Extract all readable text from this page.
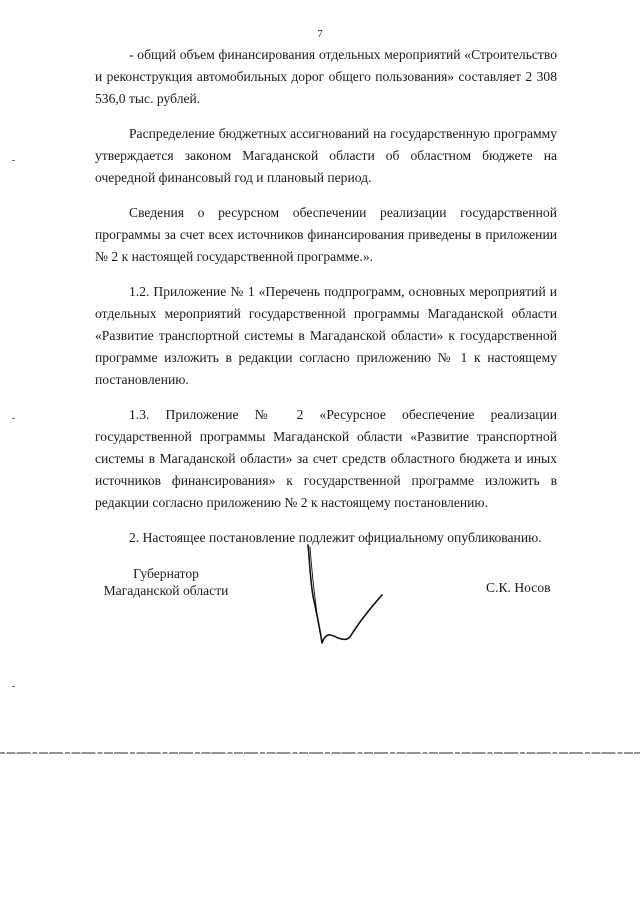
7

- общий объем финансирования отдельных мероприятий «Строительство и реконструкция автомобильных дорог общего пользования» составляет 2 308 536,0 тыс. рублей.

Распределение бюджетных ассигнований на государственную программу утверждается законом Магаданской области об областном бюджете на очередной финансовый год и плановый период.

Сведения о ресурсном обеспечении реализации государственной программы за счет всех источников финансирования приведены в приложении № 2 к настоящей государственной программе.».

1.2. Приложение № 1 «Перечень подпрограмм, основных мероприятий и отдельных мероприятий государственной программы Магаданской области «Развитие транспортной системы в Магаданской области» к государственной программе изложить в редакции согласно приложению № 1 к настоящему постановлению.

1.3. Приложение № 2 «Ресурсное обеспечение реализации государственной программы Магаданской области «Развитие транспортной системы в Магаданской области» за счет средств областного бюджета и иных источников финансирования» к государственной программе изложить в редакции согласно приложению № 2 к настоящему постановлению.

2. Настоящее постановление подлежит официальному опубликованию.

Губернатор
Магаданской области	С.К. Носов
